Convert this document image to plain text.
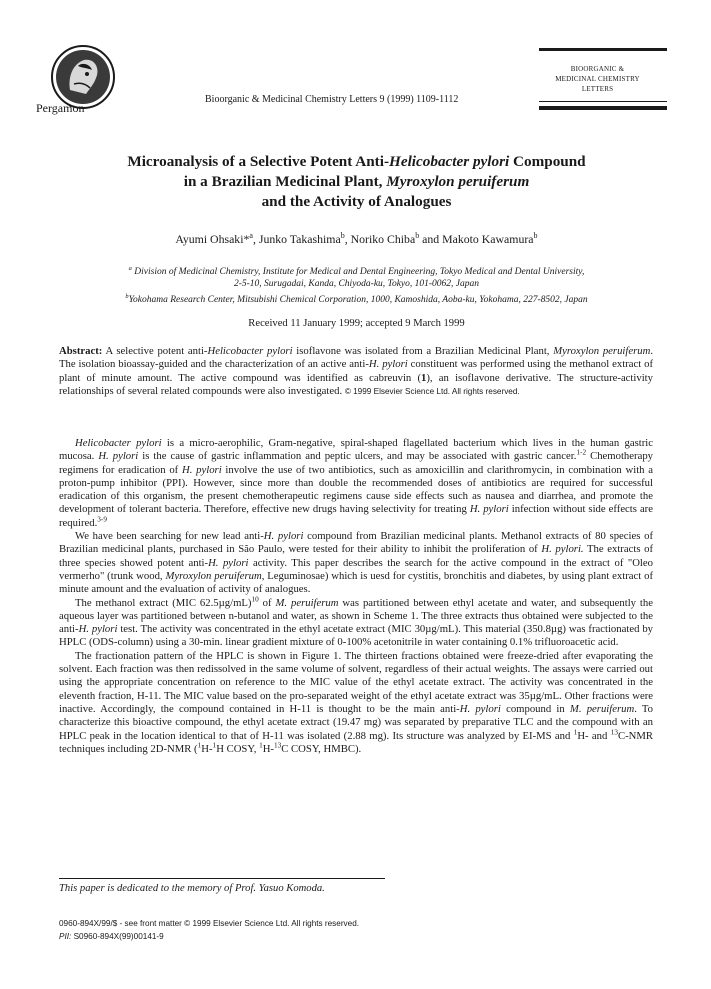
Pergamon
Bioorganic & Medicinal Chemistry Letters 9 (1999) 1109-1112
BIOORGANIC &
MEDICINAL CHEMISTRY
LETTERS
Microanalysis of a Selective Potent Anti-Helicobacter pylori Compound
in a Brazilian Medicinal Plant, Myroxylon peruiferum
and the Activity of Analogues
Ayumi Ohsaki*$^a$, Junko Takashima$^b$, Noriko Chiba$^b$ and Makoto Kawamura$^b$
$^a$ Division of Medicinal Chemistry, Institute for Medical and Dental Engineering, Tokyo Medical and Dental University,
2-5-10, Surugadai, Kanda, Chiyoda-ku, Tokyo, 101-0062, Japan
$^b$Yokohama Research Center, Mitsubishi Chemical Corporation, 1000, Kamoshida, Aoba-ku, Yokohama, 227-8502, Japan
Received 11 January 1999; accepted 9 March 1999

Abstract: A selective potent anti-Helicobacter pylori isoflavone was isolated from a Brazilian Medicinal Plant, Myroxylon peruiferum. The isolation bioassay-guided and the characterization of an active anti-H. pylori constituent was performed using the methanol extract of plant of minute amount. The active compound was identified as cabreuvin (1), an isoflavone derivative. The structure-activity relationships of several related compounds were also investigated. © 1999 Elsevier Science Ltd. All rights reserved.

Helicobacter pylori is a micro-aerophilic, Gram-negative, spiral-shaped flagellated bacterium which lives in the human gastric mucosa. H. pylori is the cause of gastric inflammation and peptic ulcers, and may be associated with gastric cancer.$^{1-2}$ Chemotherapy regimens for eradication of H. pylori involve the use of two antibiotics, such as amoxicillin and clarithromycin, in combination with a proton-pump inhibitor (PPI). However, since more than double the recommended doses of antibiotics are required for successful eradication of this organism, the present chemotherapeutic regimens cause side effects such as nausea and diarrhea, and promote the development of tolerant bacteria. Therefore, effective new drugs having selectivity for treating H. pylori infection without side effects are required.$^{3-9}$

We have been searching for new lead anti-H. pylori compound from Brazilian medicinal plants. Methanol extracts of 80 species of Brazilian medicinal plants, purchased in São Paulo, were tested for their ability to inhibit the proliferation of H. pylori. The extracts of three species showed potent anti-H. pylori activity. This paper describes the search for the active compound in the extract of "Oleo vermerho" (trunk wood, Myroxylon peruiferum, Leguminosae) which is uesd for cystitis, bronchitis and diabetes, by using plant extract of minute amount and the evaluation of activity of analogues.

The methanol extract (MIC 62.5µg/mL)$^{10}$ of M. peruiferum was partitioned between ethyl acetate and water, and subsequently the aqueous layer was partitioned between n-butanol and water, as shown in Scheme 1. The three extracts thus obtained were subjected to the anti-H. pylori test. The activity was concentrated in the ethyl acetate extract (MIC 30µg/mL). This material (350.8µg) was fractionated by HPLC (ODS-column) using a 30-min. linear gradient mixture of 0-100% acetonitrile in water containing 0.1% trifluoroacetic acid.

The fractionation pattern of the HPLC is shown in Figure 1. The thirteen fractions obtained were freeze-dried after evaporating the solvent. Each fraction was then redissolved in the same volume of solvent, regardless of their actual weights. The assays were carried out using the appropriate concentration on reference to the MIC value of the ethyl acetate extract. The activity was concentrated in the eleventh fraction, H-11. The MIC value based on the pro-separated weight of the ethyl acetate extract was 35µg/mL. Other fractions were inactive. Accordingly, the compound contained in H-11 is thought to be the main anti-H. pylori compound in M. peruiferum. To characterize this bioactive compound, the ethyl acetate extract (19.47 mg) was separated by preparative TLC and the compound with an HPLC peak in the location identical to that of H-11 was isolated (2.88 mg). Its structure was analyzed by EI-MS and $^1$H- and $^{13}$C-NMR techniques including 2D-NMR ($^1$H-$^1$H COSY, $^1$H-$^{13}$C COSY, HMBC).

This paper is dedicated to the memory of Prof. Yasuo Komoda.
0960-894X/99/$ - see front matter © 1999 Elsevier Science Ltd. All rights reserved.
PII: S0960-894X(99)00141-9
